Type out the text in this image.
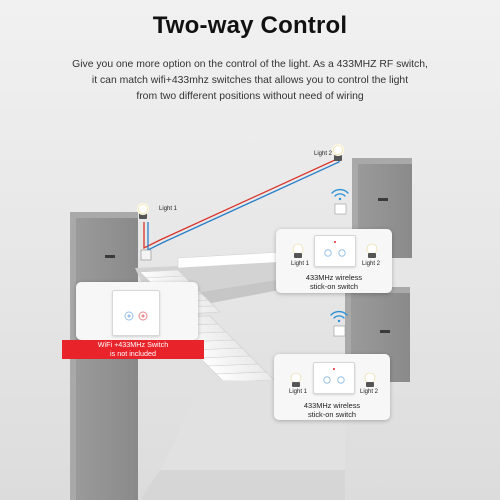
Two-way Control
Give you one more option on the control of the light. As a 433MHZ RF switch,
it can match wifi+433mhz switches that allows you to control the light
from two different positions without need of wiring
Light 1
Light 2
WiFi +433MHz Switch
is not included
Light 1	Light 2
433MHz wireless
stick-on switch
Light 1	Light 2
433MHz wireless
stick-on switch
